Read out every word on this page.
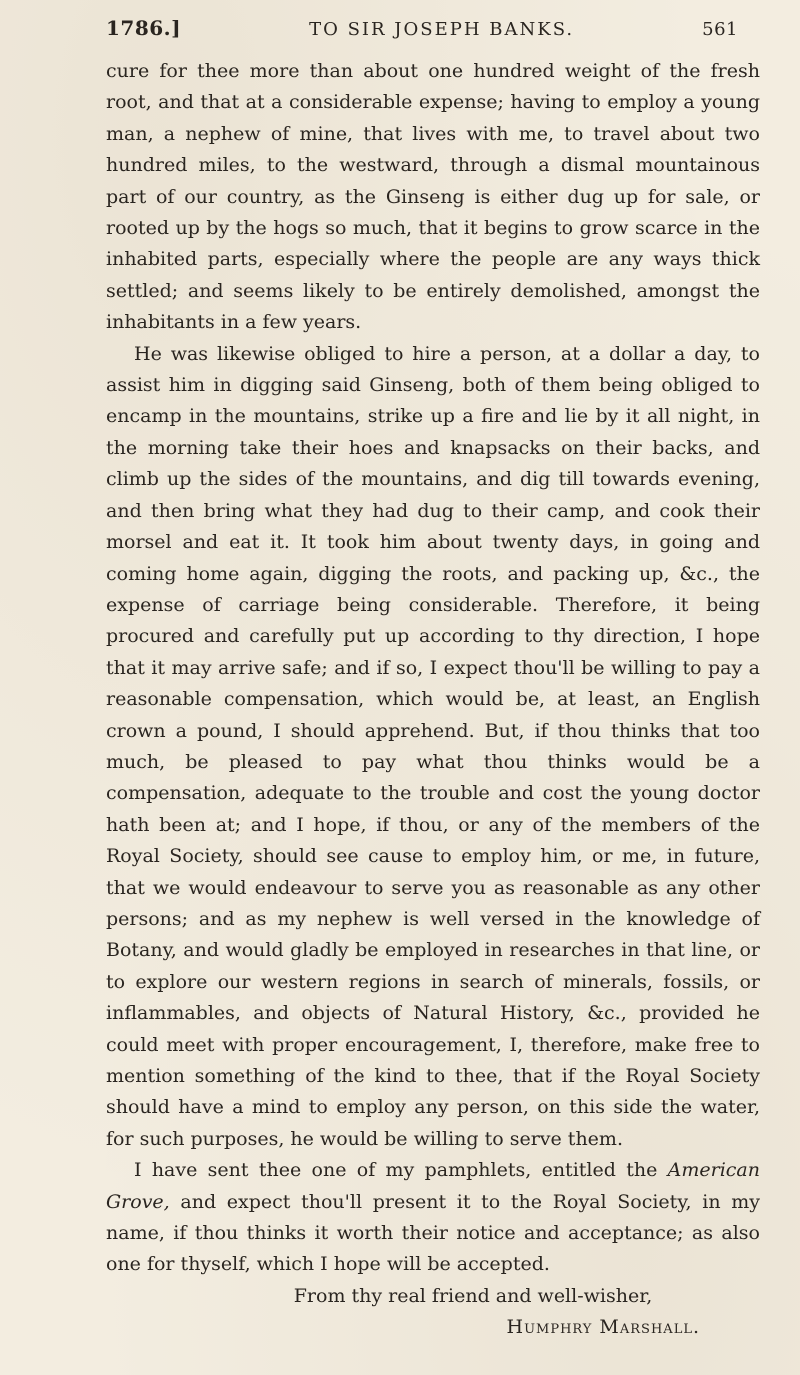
1786.]	TO SIR JOSEPH BANKS.	561

cure for thee more than about one hundred weight of the fresh root, and that at a considerable expense; having to employ a young man, a nephew of mine, that lives with me, to travel about two hundred miles, to the westward, through a dismal mountainous part of our country, as the Ginseng is either dug up for sale, or rooted up by the hogs so much, that it begins to grow scarce in the inhabited parts, especially where the people are any ways thick settled; and seems likely to be entirely demolished, amongst the inhabitants in a few years.

He was likewise obliged to hire a person, at a dollar a day, to assist him in digging said Ginseng, both of them being obliged to encamp in the mountains, strike up a fire and lie by it all night, in the morning take their hoes and knapsacks on their backs, and climb up the sides of the mountains, and dig till towards evening, and then bring what they had dug to their camp, and cook their morsel and eat it. It took him about twenty days, in going and coming home again, digging the roots, and packing up, &c., the expense of carriage being considerable. Therefore, it being procured and carefully put up according to thy direction, I hope that it may arrive safe; and if so, I expect thou'll be willing to pay a reasonable compensation, which would be, at least, an English crown a pound, I should apprehend. But, if thou thinks that too much, be pleased to pay what thou thinks would be a compensation, adequate to the trouble and cost the young doctor hath been at; and I hope, if thou, or any of the members of the Royal Society, should see cause to employ him, or me, in future, that we would endeavour to serve you as reasonable as any other persons; and as my nephew is well versed in the knowledge of Botany, and would gladly be employed in researches in that line, or to explore our western regions in search of minerals, fossils, or inflammables, and objects of Natural History, &c., provided he could meet with proper encouragement, I, therefore, make free to mention something of the kind to thee, that if the Royal Society should have a mind to employ any person, on this side the water, for such purposes, he would be willing to serve them.

I have sent thee one of my pamphlets, entitled the American Grove, and expect thou'll present it to the Royal Society, in my name, if thou thinks it worth their notice and acceptance; as also one for thyself, which I hope will be accepted.

From thy real friend and well-wisher,
Humphry Marshall.
